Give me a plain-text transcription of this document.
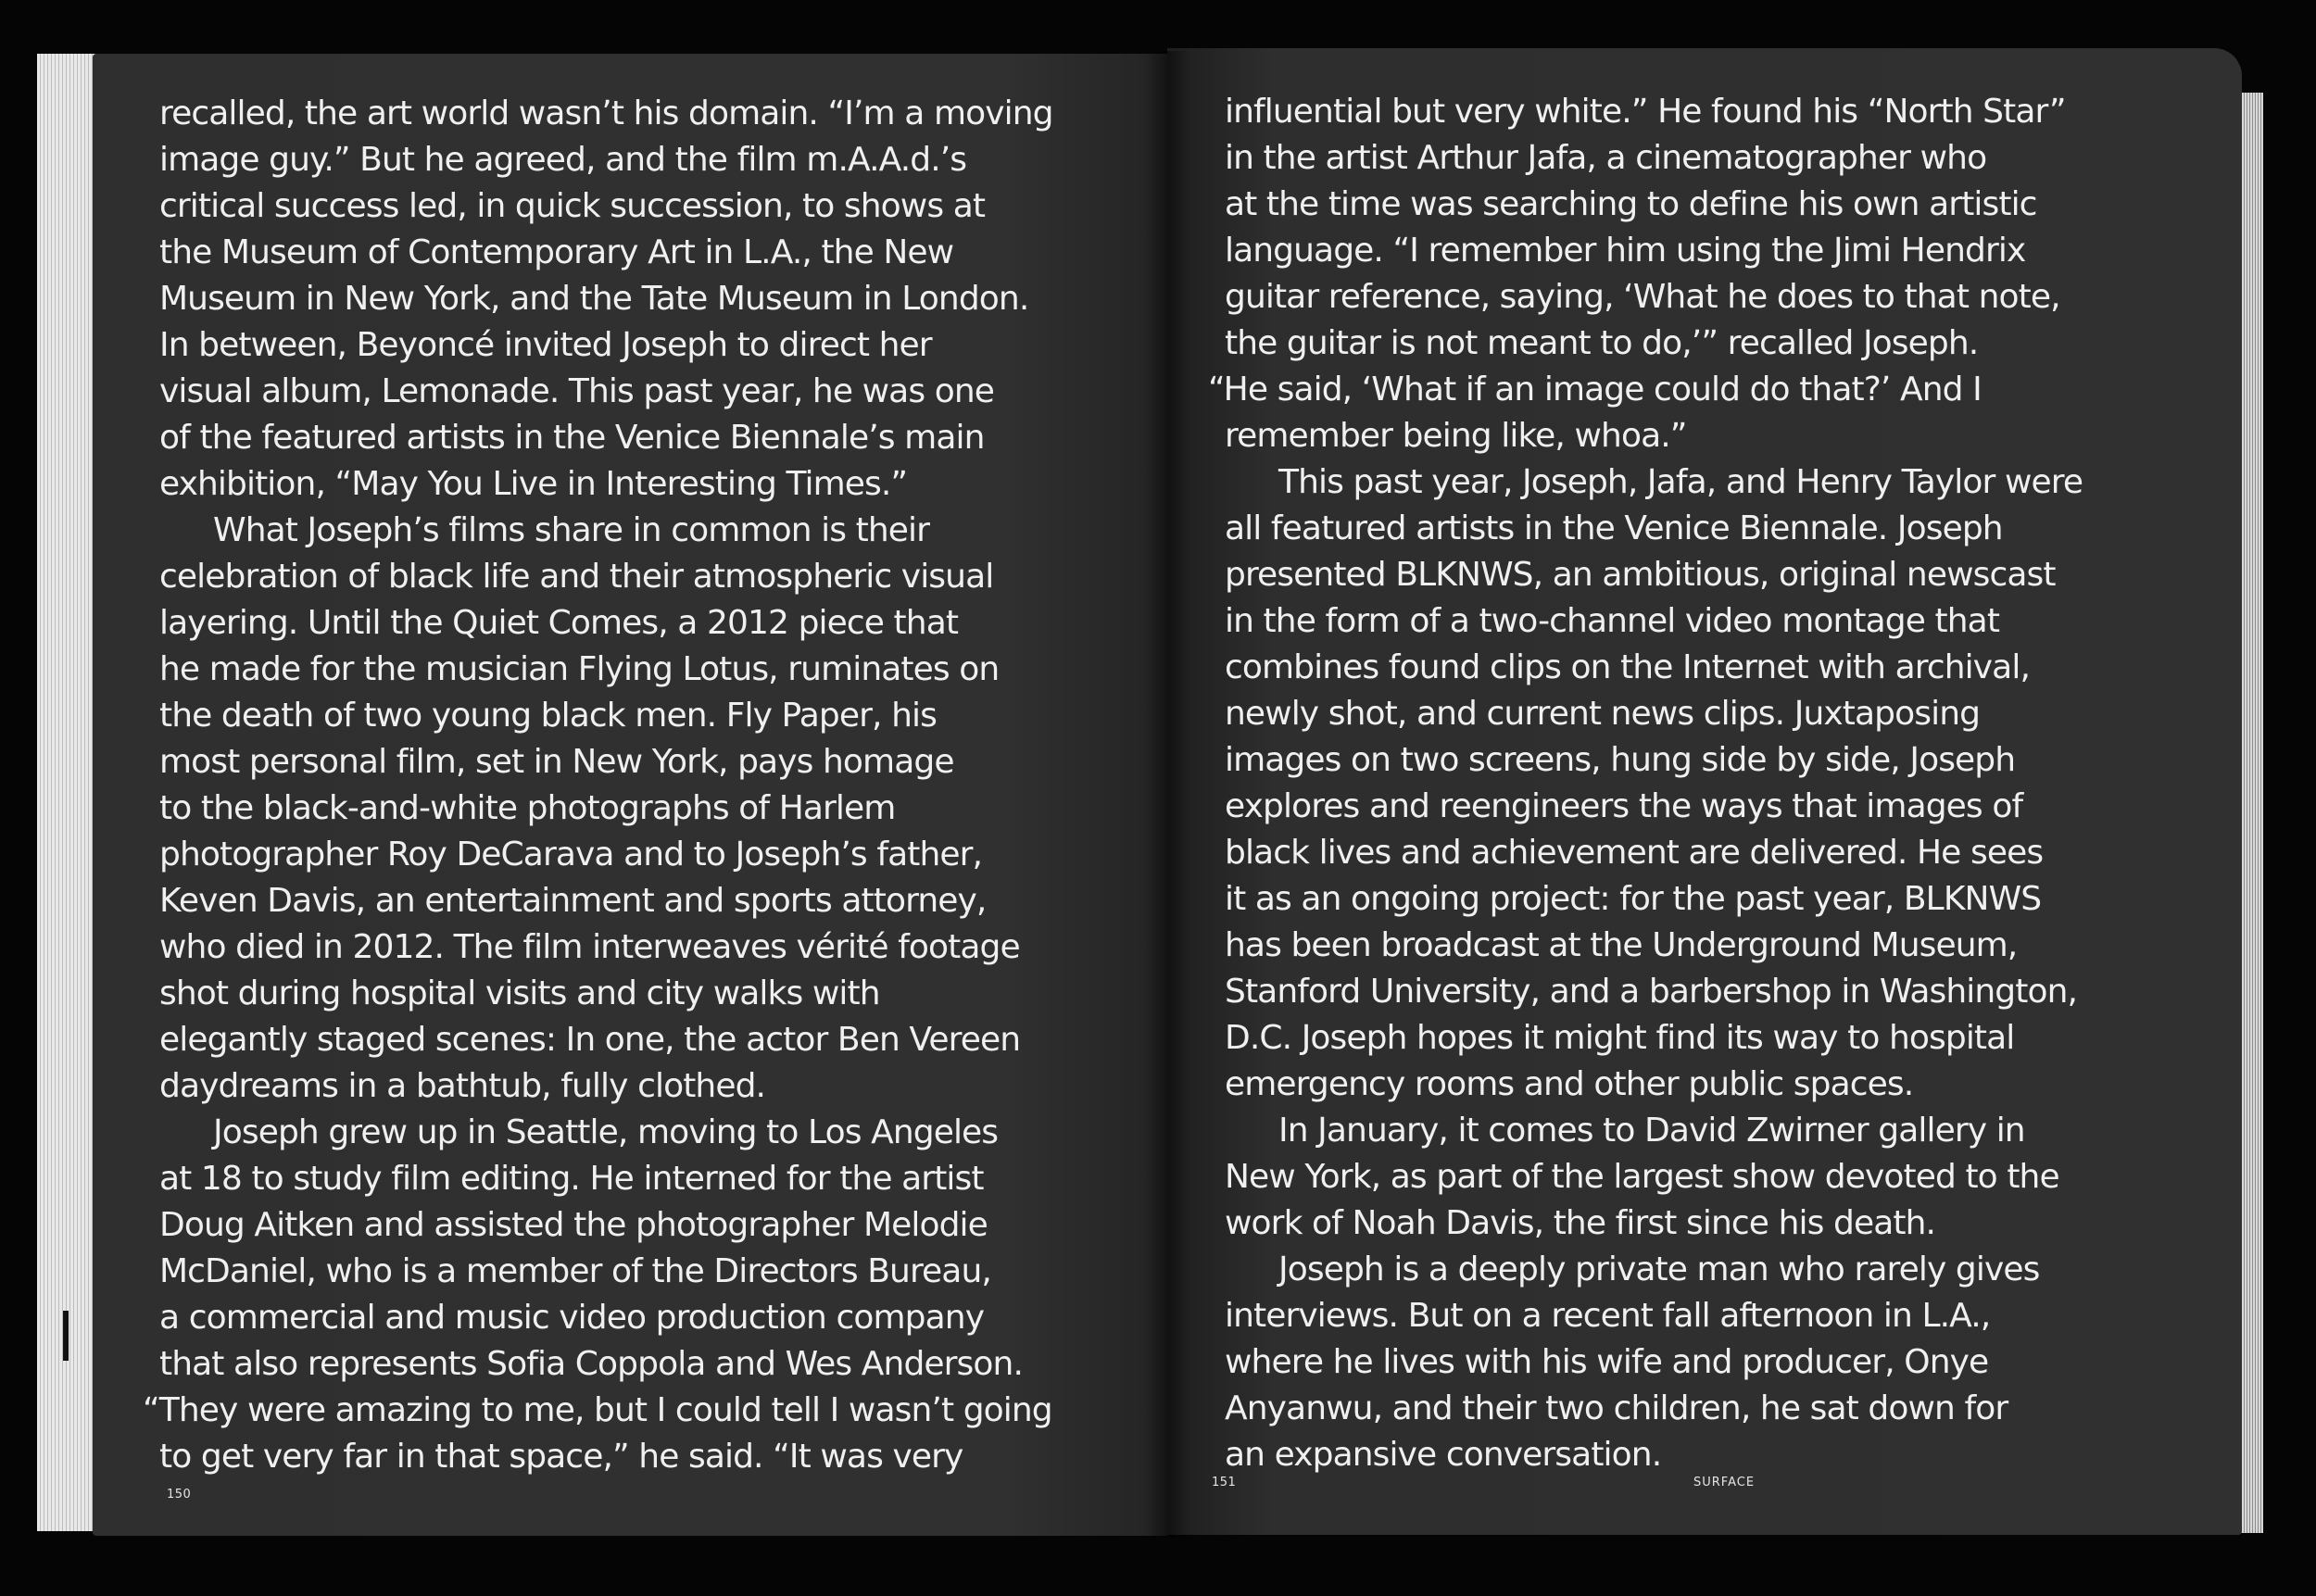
recalled, the art world wasn’t his domain. “I’m a moving
image guy.” But he agreed, and the film m.A.A.d.’s
critical success led, in quick succession, to shows at
the Museum of Contemporary Art in L.A., the New
Museum in New York, and the Tate Museum in London.
In between, Beyoncé invited Joseph to direct her
visual album, Lemonade. This past year, he was one
of the featured artists in the Venice Biennale’s main
exhibition, “May You Live in Interesting Times.”
What Joseph’s films share in common is their
celebration of black life and their atmospheric visual
layering. Until the Quiet Comes, a 2012 piece that
he made for the musician Flying Lotus, ruminates on
the death of two young black men. Fly Paper, his
most personal film, set in New York, pays homage
to the black-and-white photographs of Harlem
photographer Roy DeCarava and to Joseph’s father,
Keven Davis, an entertainment and sports attorney,
who died in 2012. The film interweaves vérité footage
shot during hospital visits and city walks with
elegantly staged scenes: In one, the actor Ben Vereen
daydreams in a bathtub, fully clothed.
Joseph grew up in Seattle, moving to Los Angeles
at 18 to study film editing. He interned for the artist
Doug Aitken and assisted the photographer Melodie
McDaniel, who is a member of the Directors Bureau,
a commercial and music video production company
that also represents Sofia Coppola and Wes Anderson.
“They were amazing to me, but I could tell I wasn’t going
to get very far in that space,” he said. “It was very
influential but very white.” He found his “North Star”
in the artist Arthur Jafa, a cinematographer who
at the time was searching to define his own artistic
language. “I remember him using the Jimi Hendrix
guitar reference, saying, ‘What he does to that note,
the guitar is not meant to do,’” recalled Joseph.
“He said, ‘What if an image could do that?’ And I
remember being like, whoa.”
This past year, Joseph, Jafa, and Henry Taylor were
all featured artists in the Venice Biennale. Joseph
presented BLKNWS, an ambitious, original newscast
in the form of a two-channel video montage that
combines found clips on the Internet with archival,
newly shot, and current news clips. Juxtaposing
images on two screens, hung side by side, Joseph
explores and reengineers the ways that images of
black lives and achievement are delivered. He sees
it as an ongoing project: for the past year, BLKNWS
has been broadcast at the Underground Museum,
Stanford University, and a barbershop in Washington,
D.C. Joseph hopes it might find its way to hospital
emergency rooms and other public spaces.
In January, it comes to David Zwirner gallery in
New York, as part of the largest show devoted to the
work of Noah Davis, the first since his death.
Joseph is a deeply private man who rarely gives
interviews. But on a recent fall afternoon in L.A.,
where he lives with his wife and producer, Onye
Anyanwu, and their two children, he sat down for
an expansive conversation.
150
151	SURFACE
